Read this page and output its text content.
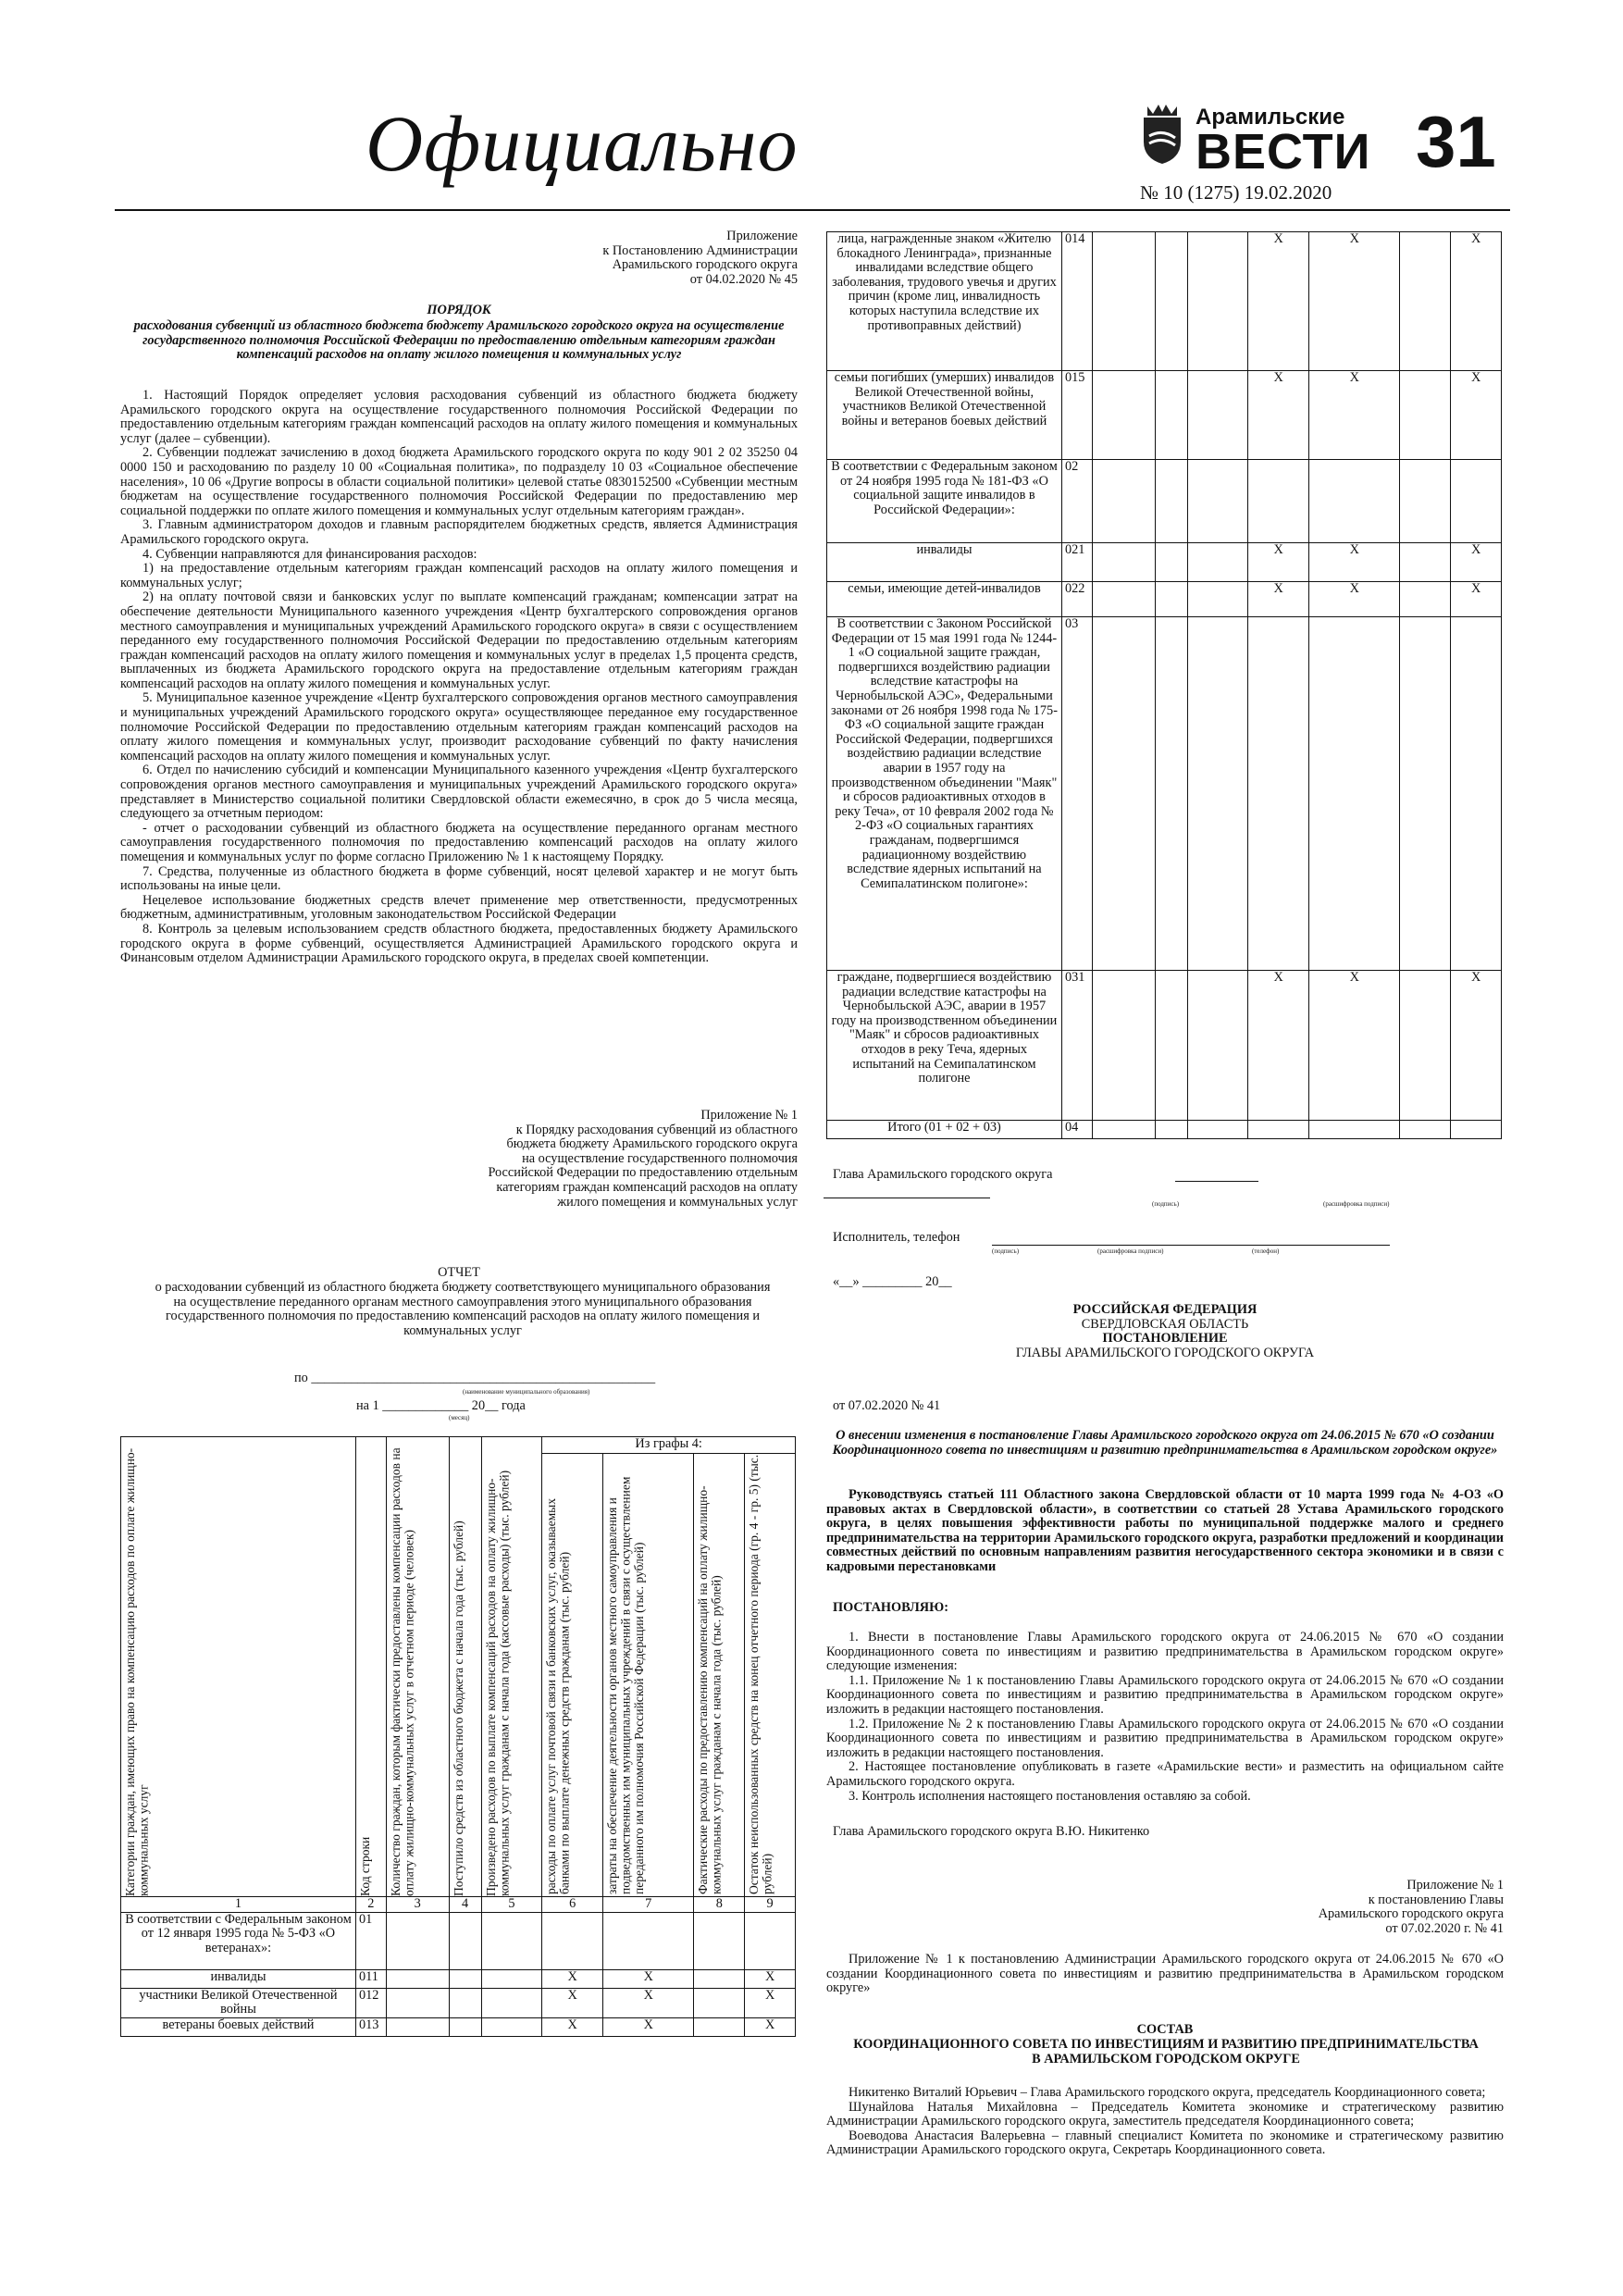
Официально	Арамильские
ВЕСТИ
№ 10 (1275) 19.02.2020
31
Приложение
к Постановлению Администрации
Арамильского городского округа
от 04.02.2020 № 45
ПОРЯДОК
расходования субвенций из областного бюджета бюджету Арамильского городского округа на осуществление государственного полномочия Российской Федерации по предоставлению отдельным категориям граждан компенсаций расходов на оплату жилого помещения и коммунальных услуг

1. Настоящий Порядок определяет условия расходования субвенций из областного бюджета бюджету Арамильского городского округа на осуществление государственного полномочия Российской Федерации по предоставлению отдельным категориям граждан компенсаций расходов на оплату жилого помещения и коммунальных услуг (далее – субвенции).

2. Субвенции подлежат зачислению в доход бюджета Арамильского городского округа по коду 901 2 02 35250 04 0000 150 и расходованию по разделу 10 00 «Социальная политика», по подразделу 10 03 «Социальное обеспечение населения», 10 06 «Другие вопросы в области социальной политики» целевой статье 0830152500 «Субвенции местным бюджетам на осуществление государственного полномочия Российской Федерации по предоставлению мер социальной поддержки по оплате жилого помещения и коммунальных услуг отдельным категориям граждан».

3. Главным администратором доходов и главным распорядителем бюджетных средств, является Администрация Арамильского городского округа.

4. Субвенции направляются для финансирования расходов:

1) на предоставление отдельным категориям граждан компенсаций расходов на оплату жилого помещения и коммунальных услуг;

2) на оплату почтовой связи и банковских услуг по выплате компенсаций гражданам; компенсации затрат на обеспечение деятельности Муниципального казенного учреждения «Центр бухгалтерского сопровождения органов местного самоуправления и муниципальных учреждений Арамильского городского округа» в связи с осуществлением переданного ему государственного полномочия Российской Федерации по предоставлению отдельным категориям граждан компенсаций расходов на оплату жилого помещения и коммунальных услуг в пределах 1,5 процента средств, выплаченных из бюджета Арамильского городского округа на предоставление отдельным категориям граждан компенсаций расходов на оплату жилого помещения и коммунальных услуг.

5. Муниципальное казенное учреждение «Центр бухгалтерского сопровождения органов местного самоуправления и муниципальных учреждений Арамильского городского округа» осуществляющее переданное ему государственное полномочие Российской Федерации по предоставлению отдельным категориям граждан компенсаций расходов на оплату жилого помещения и коммунальных услуг, производит расходование субвенций по факту начисления компенсаций расходов на оплату жилого помещения и коммунальных услуг.

6. Отдел по начислению субсидий и компенсации Муниципального казенного учреждения «Центр бухгалтерского сопровождения органов местного самоуправления и муниципальных учреждений Арамильского городского округа» представляет в Министерство социальной политики Свердловской области ежемесячно, в срок до 5 числа месяца, следующего за отчетным периодом:

- отчет о расходовании субвенций из областного бюджета на осуществление переданного органам местного самоуправления государственного полномочия по предоставлению компенсаций расходов на оплату жилого помещения и коммунальных услуг по форме согласно Приложению № 1 к настоящему Порядку.

7. Средства, полученные из областного бюджета в форме субвенций, носят целевой характер и не могут быть использованы на иные цели.

Нецелевое использование бюджетных средств влечет применение мер ответственности, предусмотренных бюджетным, административным, уголовным законодательством Российской Федерации

8. Контроль за целевым использованием средств областного бюджета, предоставленных бюджету Арамильского городского округа в форме субвенций, осуществляется Администрацией Арамильского городского округа и Финансовым отделом Администрации Арамильского городского округа, в пределах своей компетенции.

Приложение № 1
к Порядку расходования субвенций из областного
бюджета бюджету Арамильского городского округа
на осуществление государственного полномочия
Российской Федерации по предоставлению отдельным
категориям граждан компенсаций расходов на оплату
жилого помещения и коммунальных услуг
ОТЧЕТ
о расходовании субвенций из областного бюджета бюджету соответствующего муниципального образования
на осуществление переданного органам местного самоуправления этого муниципального образования
государственного полномочия по предоставлению компенсаций расходов на оплату жилого помещения и коммунальных услуг
по ____________________________________________________
(наименование муниципального образования)
на 1 _____________ 20__ года
(месяц)
Категории граждан, имеющих право на компенсацию расходов по оплате жилищно-коммунальных услуг	Код строки	Количество граждан, которым фактически предоставлены компенсации расходов на оплату жилищно-коммунальных услуг в отчетном периоде (человек)	Поступило средств из областного бюджета с начала года (тыс. рублей)	Произведено расходов по выплате компенсаций расходов на оплату жилищно-коммунальных услуг гражданам с начала года (кассовые расходы) (тыс. рублей)	Из графы 4:			

					расходы по оплате услуг почтовой связи и банковских услуг, оказываемых банками по выплате денежных средств гражданам (тыс. рублей)	затраты на обеспечение деятельности органов местного самоуправления и подведомственных им муниципальных учреждений в связи с осуществлением переданного им полномочия Российской Федерации (тыс. рублей)	Фактические расходы по предоставлению компенсаций на оплату жилищно-коммунальных услуг гражданам с начала года (тыс. рублей)	Остаток неиспользованных средств на конец отчетного периода (гр. 4 - гр. 5) (тыс. рублей)

1	2	3	4	5	6	7	8	9
В соответствии с Федеральным законом от 12 января 1995 года № 5-ФЗ «О ветеранах»:	01							
инвалиды	011				X	X		X
участники Великой Отечественной войны	012				X	X		X
ветераны боевых действий	013				X	X		X
лица, награжденные знаком «Жителю блокадного Ленинграда», признанные инвалидами вследствие общего заболевания, трудового увечья и других причин (кроме лиц, инвалидность которых наступила вследствие их противоправных действий)	014				X	X		X
семьи погибших (умерших) инвалидов Великой Отечественной войны, участников Великой Отечественной войны и ветеранов боевых действий	015				X	X		X
В соответствии с Федеральным законом от 24 ноября 1995 года № 181-ФЗ «О социальной защите инвалидов в Российской Федерации»:	02							
инвалиды	021				X	X		X
семьи, имеющие детей-инвалидов	022				X	X		X
В соответствии с Законом Российской Федерации от 15 мая 1991 года № 1244-1 «О социальной защите граждан, подвергшихся воздействию радиации вследствие катастрофы на Чернобыльской АЭС», Федеральными законами от 26 ноября 1998 года № 175-ФЗ «О социальной защите граждан Российской Федерации, подвергшихся воздействию радиации вследствие аварии в 1957 году на производственном объединении "Маяк" и сбросов радиоактивных отходов в реку Теча», от 10 февраля 2002 года № 2-ФЗ «О социальных гарантиях гражданам, подвергшимся радиационному воздействию вследствие ядерных испытаний на Семипалатинском полигоне»:	03							
граждане, подвергшиеся воздействию радиации вследствие катастрофы на Чернобыльской АЭС, аварии в 1957 году на производственном объединении "Маяк" и сбросов радиоактивных отходов в реку Теча, ядерных испытаний на Семипалатинском полигоне	031				X	X		X
Итого (01 + 02 + 03)	04							
Глава Арамильского городского округа
(подпись)	(расшифровка подписи)
Исполнитель, телефон
(подпись)	(расшифровка подписи)	(телефон)
«__» _________ 20__
РОССИЙСКАЯ ФЕДЕРАЦИЯ
СВЕРДЛОВСКАЯ ОБЛАСТЬ
ПОСТАНОВЛЕНИЕ
ГЛАВЫ АРАМИЛЬСКОГО ГОРОДСКОГО ОКРУГА
от 07.02.2020 № 41
О внесении изменения в постановление Главы Арамильского городского округа от 24.06.2015 № 670 «О создании Координационного совета по инвестициям и развитию предпринимательства в Арамильском городском округе»
Руководствуясь статьей 111 Областного закона Свердловской области от 10 марта 1999 года № 4-ОЗ «О правовых актах в Свердловской области», в соответствии со статьей 28 Устава Арамильского городского округа, в целях повышения эффективности работы по муниципальной поддержке малого и среднего предпринимательства на территории Арамильского городского округа, разработки предложений и координации совместных действий по основным направлениям развития негосударственного сектора экономики и в связи с кадровыми перестановками
ПОСТАНОВЛЯЮ:

1. Внести в постановление Главы Арамильского городского округа от 24.06.2015 № 670 «О создании Координационного совета по инвестициям и развитию предпринимательства в Арамильском городском округе» следующие изменения:

1.1. Приложение № 1 к постановлению Главы Арамильского городского округа от 24.06.2015 № 670 «О создании Координационного совета по инвестициям и развитию предпринимательства в Арамильском городском округе» изложить в редакции настоящего постановления.

1.2. Приложение № 2 к постановлению Главы Арамильского городского округа от 24.06.2015 № 670 «О создании Координационного совета по инвестициям и развитию предпринимательства в Арамильском городском округе» изложить в редакции настоящего постановления.

2. Настоящее постановление опубликовать в газете «Арамильские вести» и разместить на официальном сайте Арамильского городского округа.

3. Контроль исполнения настоящего постановления оставляю за собой.

Глава Арамильского городского округа В.Ю. Никитенко
Приложение № 1
к постановлению Главы
Арамильского городского округа
от 07.02.2020 г. № 41
Приложение № 1 к постановлению Администрации Арамильского городского округа от 24.06.2015 № 670 «О создании Координационного совета по инвестициям и развитию предпринимательства в Арамильском городском округе»
СОСТАВ
КООРДИНАЦИОННОГО СОВЕТА ПО ИНВЕСТИЦИЯМ И РАЗВИТИЮ ПРЕДПРИНИМАТЕЛЬСТВА В АРАМИЛЬСКОМ ГОРОДСКОМ ОКРУГЕ

Никитенко Виталий Юрьевич – Глава Арамильского городского округа, председатель Координационного совета;

Шунайлова Наталья Михайловна – Председатель Комитета экономике и стратегическому развитию Администрации Арамильского городского округа, заместитель председателя Координационного совета;

Воеводова Анастасия Валерьевна – главный специалист Комитета по экономике и стратегическому развитию Администрации Арамильского городского округа, Секретарь Координационного совета.
